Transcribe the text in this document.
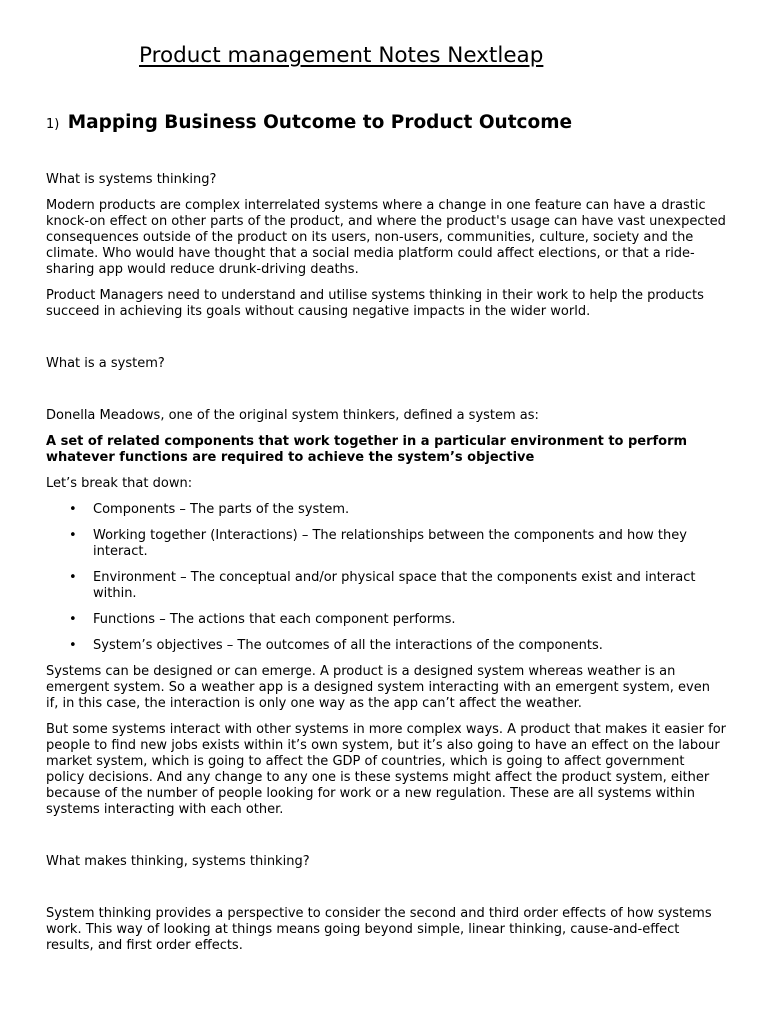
Product management Notes Nextleap
1) Mapping Business Outcome to Product Outcome

What is systems thinking?

Modern products are complex interrelated systems where a change in one feature can have a drastic knock-on effect on other parts of the product, and where the product's usage can have vast unexpected consequences outside of the product on its users, non-users, communities, culture, society and the climate. Who would have thought that a social media platform could affect elections, or that a ride-sharing app would reduce drunk-driving deaths.

Product Managers need to understand and utilise systems thinking in their work to help the products succeed in achieving its goals without causing negative impacts in the wider world.

What is a system?

Donella Meadows, one of the original system thinkers, defined a system as:

A set of related components that work together in a particular environment to perform whatever functions are required to achieve the system’s objective

Let’s break that down:

• Components – The parts of the system.
• Working together (Interactions) – The relationships between the components and how they interact.
• Environment – The conceptual and/or physical space that the components exist and interact within.
• Functions – The actions that each component performs.
• System’s objectives – The outcomes of all the interactions of the components.

Systems can be designed or can emerge. A product is a designed system whereas weather is an emergent system. So a weather app is a designed system interacting with an emergent system, even if, in this case, the interaction is only one way as the app can’t affect the weather.

But some systems interact with other systems in more complex ways. A product that makes it easier for people to find new jobs exists within it’s own system, but it’s also going to have an effect on the labour market system, which is going to affect the GDP of countries, which is going to affect government policy decisions. And any change to any one is these systems might affect the product system, either because of the number of people looking for work or a new regulation. These are all systems within systems interacting with each other.

What makes thinking, systems thinking?

System thinking provides a perspective to consider the second and third order effects of how systems work. This way of looking at things means going beyond simple, linear thinking, cause-and-effect results, and first order effects.
